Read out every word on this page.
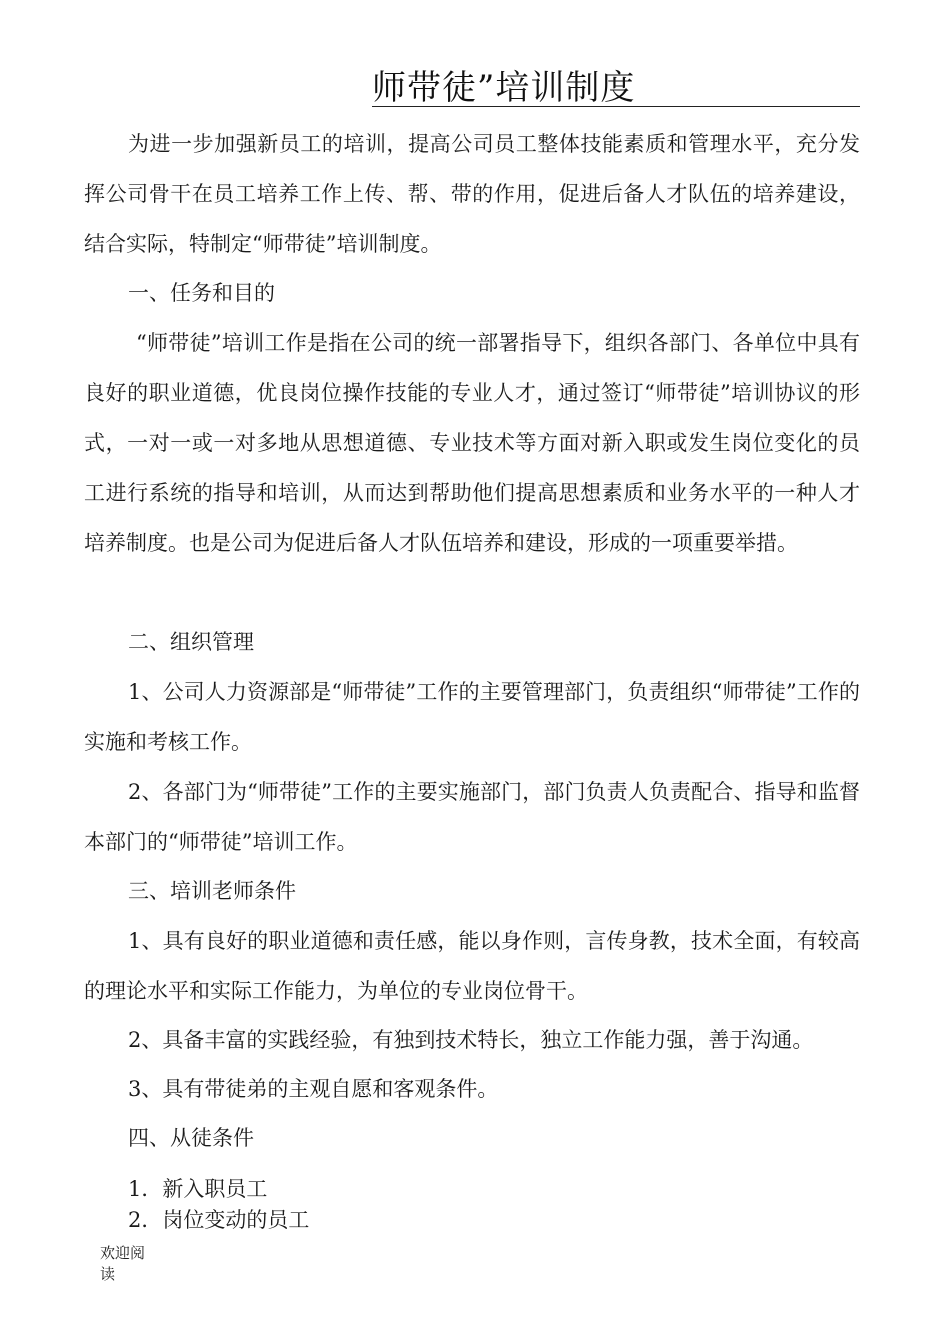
师带徒”培训制度

为进一步加强新员工的培训，提高公司员工整体技能素质和管理水平，充分发挥公司骨干在员工培养工作上传、帮、带的作用，促进后备人才队伍的培养建设，结合实际，特制定“师带徒”培训制度。

一、任务和目的

“师带徒”培训工作是指在公司的统一部署指导下，组织各部门、各单位中具有良好的职业道德，优良岗位操作技能的专业人才，通过签订“师带徒”培训协议的形式，一对一或一对多地从思想道德、专业技术等方面对新入职或发生岗位变化的员工进行系统的指导和培训，从而达到帮助他们提高思想素质和业务水平的一种人才培养制度。也是公司为促进后备人才队伍培养和建设，形成的一项重要举措。

二、组织管理

1、公司人力资源部是“师带徒”工作的主要管理部门，负责组织“师带徒”工作的实施和考核工作。

2、各部门为“师带徒”工作的主要实施部门，部门负责人负责配合、指导和监督本部门的“师带徒”培训工作。

三、培训老师条件

1、具有良好的职业道德和责任感，能以身作则，言传身教，技术全面，有较高的理论水平和实际工作能力，为单位的专业岗位骨干。

2、具备丰富的实践经验，有独到技术特长，独立工作能力强，善于沟通。

3、具有带徒弟的主观自愿和客观条件。

四、从徒条件

1．新入职员工

2．岗位变动的员工

欢迎阅读
